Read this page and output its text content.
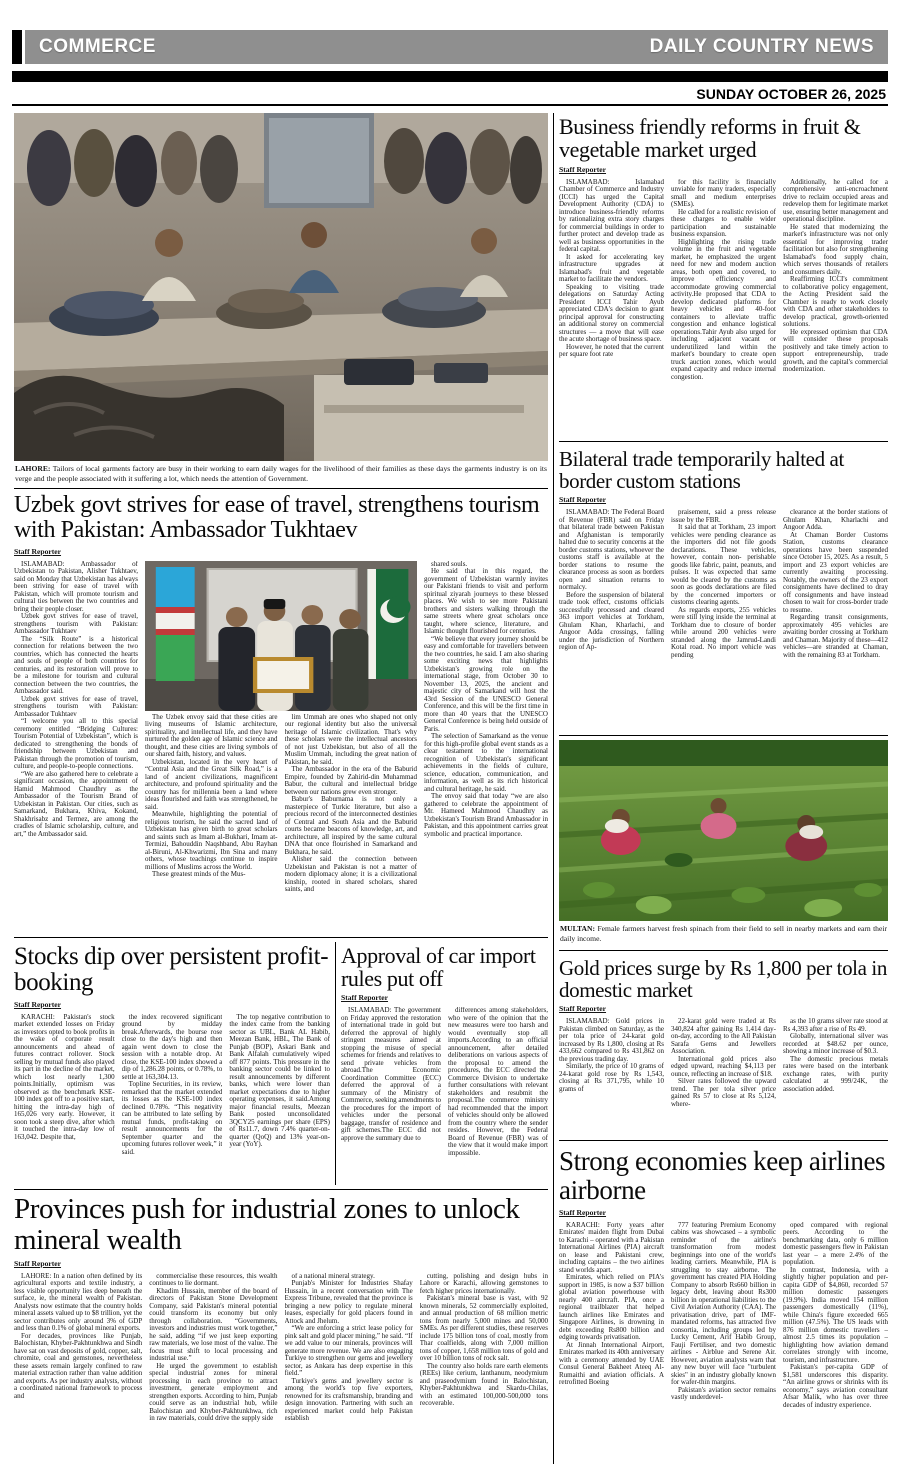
COMMERCE	DAILY COUNTRY NEWS
SUNDAY OCTOBER 26, 2025
LAHORE: Tailors of local garments factory are busy in their working to earn daily wages for the livelihood of their families as these days the garments industry is on its verge and the people associated with it suffering a lot, which needs the attention of Government.
Uzbek govt strives for ease of travel, strengthens tourism with Pakistan: Ambassador Tukhtaev
Staff Reporter

ISLAMABAD: Ambassador of Uzbekistan to Pakistan, Alisher Tukhtaev, said on Monday that Uzbekistan has always been striving for ease of travel with Pakistan, which will promote tourism and cultural ties between the two countries and bring their people closer.

Uzbek govt strives for ease of travel, strengthens tourism with Pakistan: Ambassador Tukhtaev

The “Silk Route” is a historical connection for relations between the two countries, which has connected the hearts and souls of people of both countries for centuries, and its restoration will prove to be a milestone for tourism and cultural connection between the two countries, the Ambassador said.

Uzbek govt strives for ease of travel, strengthens tourism with Pakistan: Ambassador Tukhtaev

“I welcome you all to this special ceremony entitled “Bridging Cultures: Tourism Potential of Uzbekistan”, which is dedicated to strengthening the bonds of friendship between Uzbekistan and Pakistan through the promotion of tourism, culture, and people-to-people connections.

“We are also gathered here to celebrate a significant occasion, the appointment of Hamid Mahmood Chaudhry as the Ambassador of the Tourism Brand of Uzbekistan in Pakistan. Our cities, such as Samarkand, Bukhara, Khiva, Kokand, Shakhrisabz and Termez, are among the cradles of Islamic scholarship, culture, and art,” the Ambassador said.

The Uzbek envoy said that these cities are living museums of Islamic architecture, spirituality, and intellectual life, and they have nurtured the golden age of Islamic science and thought, and these cities are living symbols of our shared faith, history, and values.

Uzbekistan, located in the very heart of “Central Asia and the Great Silk Road,” is a land of ancient civilizations, magnificent architecture, and profound spirituality and the country has for millennia been a land where ideas flourished and faith was strengthened, he said.

Meanwhile, highlighting the potential of religious tourism, he said the sacred land of Uzbekistan has given birth to great scholars and saints such as Imam al-Bukhari, Imam at-Termizi, Bahouddin Naqshband, Abu Rayhan al-Biruni, Al-Khwarizmi, Ibn Sina and many others, whose teachings continue to inspire millions of Muslims across the World.

These greatest minds of the Mus-

lim Ummah are ones who shaped not only our regional identity but also the universal heritage of Islamic civilization. That's why these scholars were the intellectual ancestors of not just Uzbekistan, but also of all the Muslim Ummah, including the great nation of Pakistan, he said.

The Ambassador in the era of the Baburid Empire, founded by Zahirid-din Muhammad Babur, the cultural and intellectual bridge between our nations grew even stronger.

Babur's Baburnama is not only a masterpiece of Turkic literature, but also a precious record of the interconnected destinies of Central and South Asia and the Baburid courts became beacons of knowledge, art, and architecture, all inspired by the same cultural DNA that once flourished in Samarkand and Bukhara, he said.

Alisher said the connection between Uzbekistan and Pakistan is not a matter of modern diplomacy alone; it is a civilizational kinship, rooted in shared scholars, shared saints, and

shared souls.

He said that in this regard, the government of Uzbekistan warmly invites our Pakistani friends to visit and perform spiritual ziyarah journeys to these blessed places. We wish to see more Pakistani brothers and sisters walking through the same streets where great scholars once taught, where science, literature, and Islamic thought flourished for centuries.

“We believe that every journey should be easy and comfortable for travellers between the two countries, he said. I am also sharing some exciting news that highlights Uzbekistan's growing role on the international stage, from October 30 to November 13, 2025, the ancient and majestic city of Samarkand will host the 43rd Session of the UNESCO General Conference, and this will be the first time in more than 40 years that the UNESCO General Conference is being held outside of Paris.

The selection of Samarkand as the venue for this high-profile global event stands as a clear testament to the international recognition of Uzbekistan's significant achievements in the fields of culture, science, education, communication, and information, as well as its rich historical and cultural heritage, he said.

The envoy said that today “we are also gathered to celebrate the appointment of Mr. Hameed Mahmood Chaudhry as Uzbekistan's Tourism Brand Ambassador in Pakistan, and this appointment carries great symbolic and practical importance.

Stocks dip over persistent profit-booking
Staff Reporter

KARACHI: Pakistan's stock market extended losses on Friday as investors opted to book profits in the wake of corporate result announcements and ahead of futures contract rollover. Stock selling by mutual funds also played its part in the decline of the market, which lost nearly 1,300 points.Initially, optimism was observed as the benchmark KSE-100 index got off to a positive start, hitting the intra-day high of 165,026 very early. However, it soon took a steep dive, after which it touched the intra-day low of 163,042. Despite that,

the index recovered significant ground by midday break.Afterwards, the bourse rose close to the day's high and then again went down to close the session with a notable drop. At close, the KSE-100 index showed a dip of 1,286.28 points, or 0.78%, to settle at 163,304.13.

Topline Securities, in its review, remarked that the market extended its losses as the KSE-100 index declined 0.78%. “This negativity can be attributed to late selling by mutual funds, profit-taking on result announcements for the September quarter and the upcoming futures rollover week,” it said.

The top negative contribution to the index came from the banking sector as UBL, Bank AL Habib, Meezan Bank, HBL, The Bank of Punjab (BOP), Askari Bank and Bank Alfalah cumulatively wiped off 877 points. This pressure in the banking sector could be linked to result announcements by different banks, which were lower than market expectations due to higher operating expenses, it said.Among major financial results, Meezan Bank posted unconsolidated 3QCY25 earnings per share (EPS) of Rs11.7, down 7.4% quarter-on-quarter (QoQ) and 13% year-on-year (YoY).

Approval of car import rules put off
Staff Reporter

ISLAMABAD: The government on Friday approved the restoration of international trade in gold but deferred the approval of highly stringent measures aimed at stopping the misuse of special schemes for friends and relatives to send private vehicles from abroad.The Economic Coordination Committee (ECC) deferred the approval of a summary of the Ministry of Commerce, seeking amendments to the procedures for the import of vehicles under the personal baggage, transfer of residence and gift schemes.The ECC did not approve the summary due to

differences among stakeholders, who were of the opinion that the new measures were too harsh and would eventually stop all imports.According to an official announcement, after detailed deliberations on various aspects of the proposal to amend the procedures, the ECC directed the Commerce Division to undertake further consultations with relevant stakeholders and resubmit the proposal.The commerce ministry had recommended that the import of vehicles should only be allowed from the country where the sender resides. However, the Federal Board of Revenue (FBR) was of the view that it would make import impossible.

Provinces push for industrial zones to unlock mineral wealth
Staff Reporter

LAHORE: In a nation often defined by its agricultural exports and textile industry, a less visible opportunity lies deep beneath the surface, ie, the mineral wealth of Pakistan. Analysts now estimate that the country holds mineral assets valued up to $8 trillion, yet the sector contributes only around 3% of GDP and less than 0.1% of global mineral exports.

For decades, provinces like Punjab, Balochistan, Khyber-Pakhtunkhwa and Sindh have sat on vast deposits of gold, copper, salt, chromite, coal and gemstones, nevertheless these assets remain largely confined to raw material extraction rather than value addition and exports. As per industry analysts, without a coordinated national framework to process and

commercialise these resources, this wealth continues to lie dormant.

Khadim Hussain, member of the board of directors of Pakistan Stone Development Company, said Pakistan's mineral potential could transform its economy but only through collaboration. “Governments, investors and industries must work together,” he said, adding “if we just keep exporting raw materials, we lose most of the value. The focus must shift to local processing and industrial use.”

He urged the government to establish special industrial zones for mineral processing in each province to attract investment, generate employment and strengthen exports. According to him, Punjab could serve as an industrial hub, while Balochistan and Khyber-Pakhtunkhwa, rich in raw materials, could drive the supply side

of a national mineral strategy.

Punjab's Minister for Industries Shafay Hussain, in a recent conversation with The Express Tribune, revealed that the province is bringing a new policy to regulate mineral leases, especially for gold placers found in Attock and Jhelum.

“We are enforcing a strict lease policy for pink salt and gold placer mining,” he said. “If we add value to our minerals, provinces will generate more revenue. We are also engaging Turkiye to strengthen our gems and jewellery sector, as Ankara has deep expertise in this field.”

Turkiye's gems and jewellery sector is among the world's top five exporters, renowned for its craftsmanship, branding and design innovation. Partnering with such an experienced market could help Pakistan establish

cutting, polishing and design hubs in Lahore or Karachi, allowing gemstones to fetch higher prices internationally.

Pakistan's mineral base is vast, with 92 known minerals, 52 commercially exploited, and annual production of 68 million metric tons from nearly 5,000 mines and 50,000 SMEs. As per different studies, these reserves include 175 billion tons of coal, mostly from Thar coalfields, along with 7,000 million tons of copper, 1,658 million tons of gold and over 10 billion tons of rock salt.

The country also holds rare earth elements (REEs) like cerium, lanthanum, neodymium and praseodymium found in Balochistan, Khyber-Pakhtunkhwa and Skardu-Chilas, with an estimated 100,000-500,000 tons recoverable.

Business friendly reforms in fruit & vegetable market urged
Staff Reporter

ISLAMABAD: Islamabad Chamber of Commerce and Industry (ICCI) has urged the Capital Development Authority (CDA) to introduce business-friendly reforms by rationalizing extra story charges for commercial buildings in order to further protect and develop trade as well as business opportunities in the federal capital.

It asked for accelerating key infrastructure upgrades at Islamabad's fruit and vegetable market to facilitate the vendors.

Speaking to visiting trade delegations on Saturday Acting President ICCI Tahir Ayub appreciated CDA's decision to grant principal approval for constructing an additional storey on commercial structures — a move that will ease the acute shortage of business space.

However, he noted that the current per square foot rate

for this facility is financially unviable for many traders, especially small and medium enterprises (SMEs).

He called for a realistic revision of these charges to enable wider participation and sustainable business expansion.

Highlighting the rising trade volume in the fruit and vegetable market, he emphasized the urgent need for new and modern auction areas, both open and covered, to improve efficiency and accommodate growing commercial activity.He proposed that CDA to develop dedicated platforms for heavy vehicles and 40-foot containers to alleviate traffic congestion and enhance logistical operations.Tahir Ayub also urged for including adjacent vacant or underutilized land within the market's boundary to create open truck auction zones, which would expand capacity and reduce internal congestion.

Additionally, he called for a comprehensive anti-encroachment drive to reclaim occupied areas and redevelop them for legitimate market use, ensuring better management and operational discipline.

He stated that modernizing the market's infrastructure was not only essential for improving trader facilitation but also for strengthening Islamabad's food supply chain, which serves thousands of retailers and consumers daily.

Reaffirming ICCI's commitment to collaborative policy engagement, the Acting President said the Chamber is ready to work closely with CDA and other stakeholders to develop practical, growth-oriented solutions.

He expressed optimism that CDA will consider these proposals positively and take timely action to support entrepreneurship, trade growth, and the capital's commercial modernization.

Bilateral trade temporarily halted at border custom stations
Staff Reporter

ISLAMABAD: The Federal Board of Revenue (FBR) said on Friday that bilateral trade between Pakistan and Afghanistan is temporarily halted due to security concerns at the border customs stations, whoever the customs staff is available at the border stations to resume the clearance process as soon as borders open and situation returns to normalcy.

Before the suspension of bilateral trade took effect, customs officials successfully processed and cleared 363 import vehicles at Torkham, Ghulam Khan, Kharlachi, and Angoor Adda crossings, falling under the jurisdiction of Northern region of Ap-

praisement, said a press release issue by the FBR.

It said that at Torkham, 23 import vehicles were pending clearance as the importers did not file goods declarations. These vehicles, however, contain non- perishable goods like fabric, paint, peanuts, and pulses. It was expected that same would be cleared by the customs as soon as goods declarations are filed by the concerned importers or customs clearing agents.

As regards exports, 255 vehicles were still lying inside the terminal at Torkham due to closure of border while around 200 vehicles were stranded along the Jamrud-Landi Kotal road. No import vehicle was pending

clearance at the border stations of Ghulam Khan, Kharlachi and Angoor Adda.

At Chaman Border Customs Station, customs clearance operations have been suspended since October 15, 2025. As a result, 5 import and 23 export vehicles are currently awaiting processing. Notably, the owners of the 23 export consignments have declined to dray off consignments and have instead chosen to wait for cross-border trade to resume.

Regarding transit consignments, approximately 495 vehicles are awaiting border crossing at Torkham and Chaman. Majority of these—412 vehicles—are stranded at Chaman, with the remaining 83 at Torkham.

MULTAN: Female farmers harvest fresh spinach from their field to sell in nearby markets and earn their daily income.
Gold prices surge by Rs 1,800 per tola in domestic market
Staff Reporter

ISLAMABAD: Gold prices in Pakistan climbed on Saturday, as the per tola price of 24-karat gold increased by Rs 1,800, closing at Rs 433,662 compared to Rs 431,862 on the previous trading day.

Similarly, the price of 10 grams of 24-karat gold rose by Rs 1,543, closing at Rs 371,795, while 10 grams of

22-karat gold were traded at Rs 340,824 after gaining Rs 1,414 day-on-day, according to the All Pakistan Sarafa Gems and Jewellers Association.

International gold prices also edged upward, reaching $4,113 per ounce, reflecting an increase of $18.

Silver rates followed the upward trend. The per tola silver price gained Rs 57 to close at Rs 5,124, where-

as the 10 grams silver rate stood at Rs 4,393 after a rise of Rs 49.

Globally, international silver was recorded at $48.62 per ounce, showing a minor increase of $0.3.

The domestic precious metals rates were based on the interbank exchange rates, with purity calculated at 999/24K, the association added.

Strong economies keep airlines airborne
Staff Reporter

KARACHI: Forty years after Emirates' maiden flight from Dubai to Karachi – operated with a Pakistan International Airlines (PIA) aircraft on lease and Pakistani crew, including captains – the two airlines stand worlds apart.

Emirates, which relied on PIA's support in 1985, is now a $37 billion global aviation powerhouse with nearly 400 aircraft. PIA, once a regional trailblazer that helped launch airlines like Emirates and Singapore Airlines, is drowning in debt exceeding Rs800 billion and edging towards privatisation.

At Jinnah International Airport, Emirates marked its 40th anniversary with a ceremony attended by UAE Consul General Bakheet Ateeq Al-Rumaithi and aviation officials. A retrofitted Boeing

777 featuring Premium Economy cabins was showcased – a symbolic reminder of the airline's transformation from modest beginnings into one of the world's leading carriers. Meanwhile, PIA is struggling to stay airborne. The government has created PIA Holding Company to absorb Rs660 billion in legacy debt, leaving about Rs300 billion in operational liabilities to the Civil Aviation Authority (CAA). The privatisation drive, part of IMF-mandated reforms, has attracted five consortia, including groups led by Lucky Cement, Arif Habib Group, Fauji Fertiliser, and two domestic airlines - Airblue and Serene Air. However, aviation analysts warn that any new buyer will face "turbulent skies" in an industry globally known for wafer-thin margins.

Pakistan's aviation sector remains vastly underdevel-

oped compared with regional peers. According to the benchmarking data, only 6 million domestic passengers flew in Pakistan last year – a mere 2.4% of the population.

In contrast, Indonesia, with a slightly higher population and per-capita GDP of $4,860, recorded 57 million domestic passengers (19.9%). India moved 154 million passengers domestically (11%), while China's figure exceeded 665 million (47.5%). The US leads with 876 million domestic travellers – almost 2.5 times its population – highlighting how aviation demand correlates strongly with income, tourism, and infrastructure.

Pakistan's per-capita GDP of $1,581 underscores this disparity. “An airline grows or shrinks with its economy,” says aviation consultant Afsar Malik, who has over three decades of industry experience.
